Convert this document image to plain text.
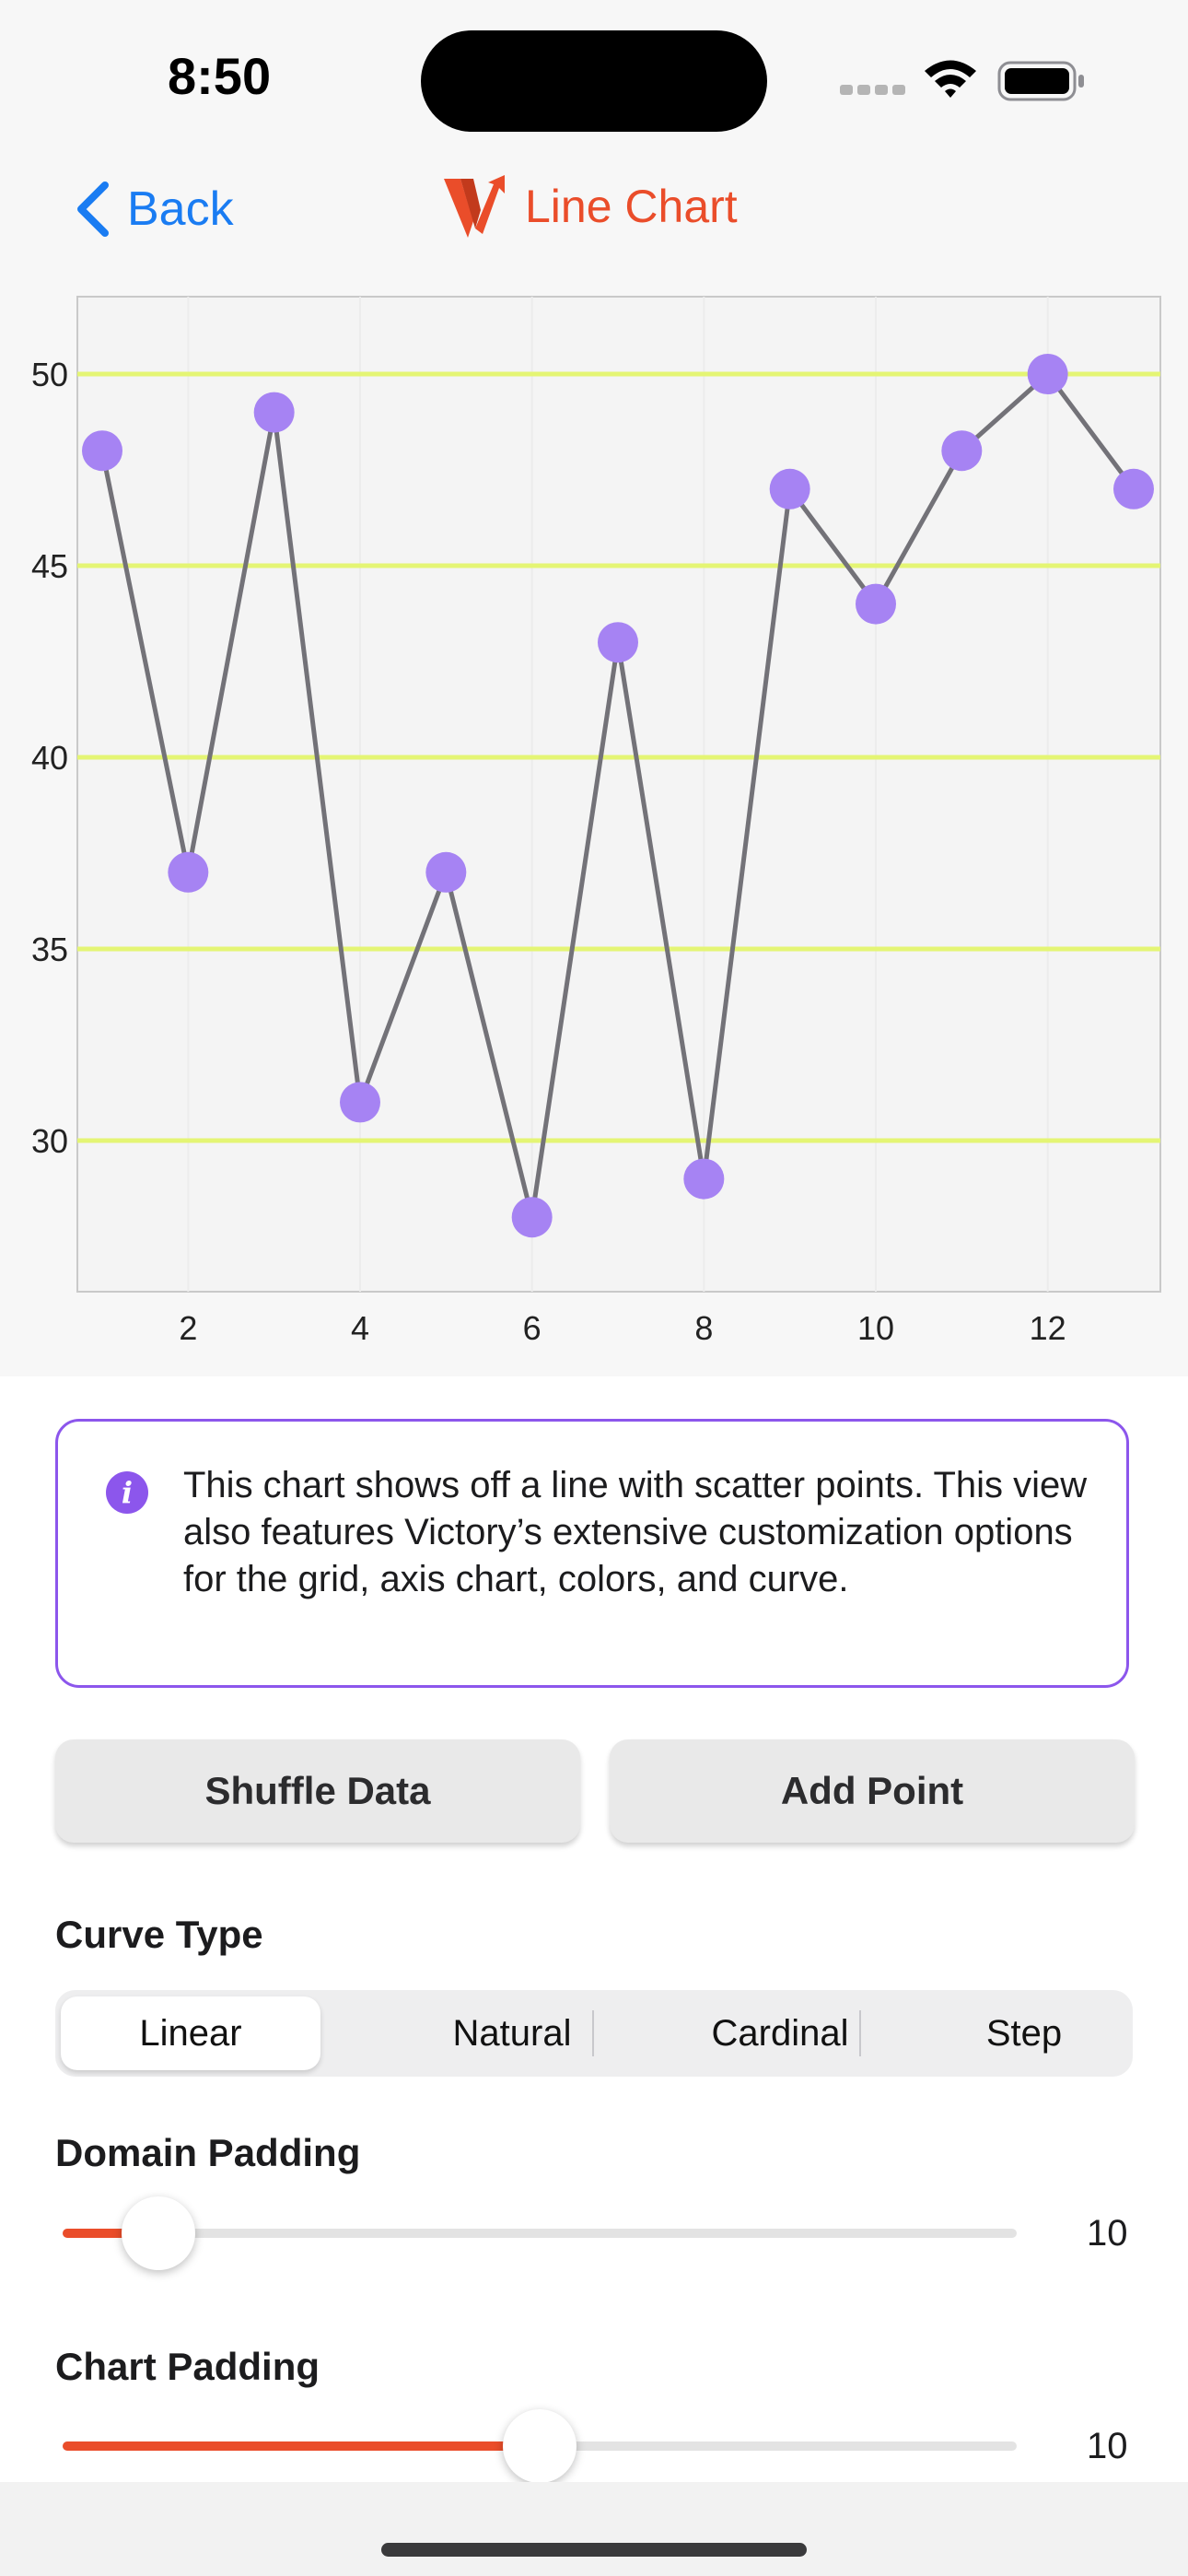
8:50
Back	Line Chart
30
35
40
45
50
2	4	6	8	10	12
i	This chart shows off a line with scatter points. This view also features Victory’s extensive customization options for the grid, axis chart, colors, and curve.
Shuffle Data	Add Point
Curve Type
Linear	Natural	Cardinal	Step
Domain Padding
10
Chart Padding
10
